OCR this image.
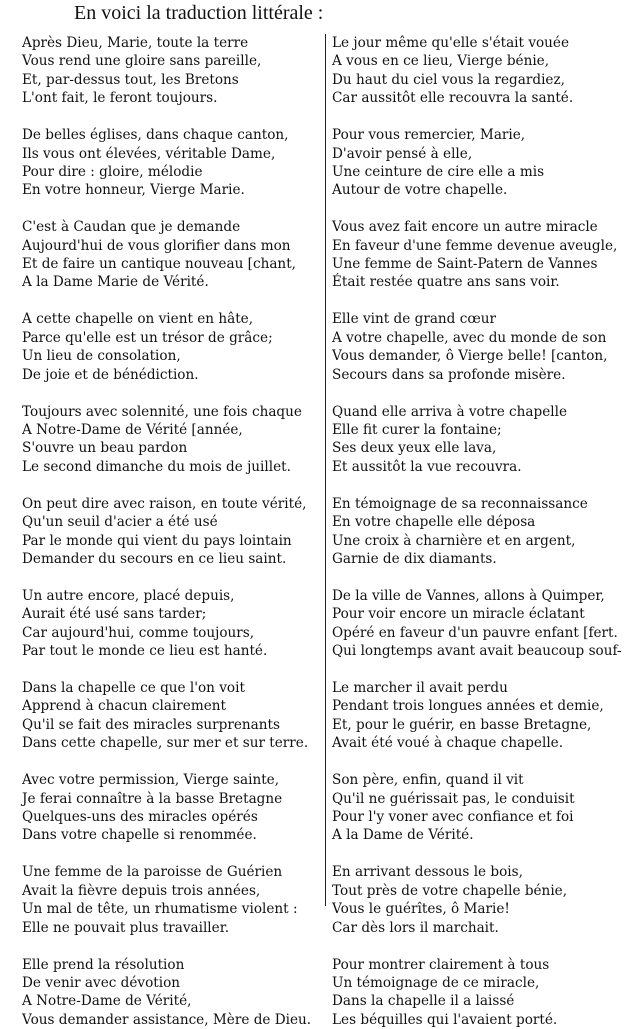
En voici la traduction littérale :
Après Dieu, Marie, toute la terre
Vous rend une gloire sans pareille,
Et, par-dessus tout, les Bretons
L'ont fait, le feront toujours.
De belles églises, dans chaque canton,
Ils vous ont élevées, véritable Dame,
Pour dire : gloire, mélodie
En votre honneur, Vierge Marie.
C'est à Caudan que je demande
Aujourd'hui de vous glorifier dans mon
Et de faire un cantique nouveau [chant,
A la Dame Marie de Vérité.
A cette chapelle on vient en hâte,
Parce qu'elle est un trésor de grâce;
Un lieu de consolation,
De joie et de bénédiction.
Toujours avec solennité, une fois chaque
A Notre-Dame de Vérité [année,
S'ouvre un beau pardon
Le second dimanche du mois de juillet.
On peut dire avec raison, en toute vérité,
Qu'un seuil d'acier a été usé
Par le monde qui vient du pays lointain
Demander du secours en ce lieu saint.
Un autre encore, placé depuis,
Aurait été usé sans tarder;
Car aujourd'hui, comme toujours,
Par tout le monde ce lieu est hanté.
Dans la chapelle ce que l'on voit
Apprend à chacun clairement
Qu'il se fait des miracles surprenants
Dans cette chapelle, sur mer et sur terre.
Avec votre permission, Vierge sainte,
Je ferai connaître à la basse Bretagne
Quelques-uns des miracles opérés
Dans votre chapelle si renommée.
Une femme de la paroisse de Guérien
Avait la fièvre depuis trois années,
Un mal de tête, un rhumatisme violent :
Elle ne pouvait plus travailler.
Elle prend la résolution
De venir avec dévotion
A Notre-Dame de Vérité,
Vous demander assistance, Mère de Dieu.
Le jour même qu'elle s'était vouée
A vous en ce lieu, Vierge bénie,
Du haut du ciel vous la regardiez,
Car aussitôt elle recouvra la santé.
Pour vous remercier, Marie,
D'avoir pensé à elle,
Une ceinture de cire elle a mis
Autour de votre chapelle.
Vous avez fait encore un autre miracle
En faveur d'une femme devenue aveugle,
Une femme de Saint-Patern de Vannes
Était restée quatre ans sans voir.
Elle vint de grand cœur
A votre chapelle, avec du monde de son
Vous demander, ô Vierge belle! [canton,
Secours dans sa profonde misère.
Quand elle arriva à votre chapelle
Elle fit curer la fontaine;
Ses deux yeux elle lava,
Et aussitôt la vue recouvra.
En témoignage de sa reconnaissance
En votre chapelle elle déposa
Une croix à charnière et en argent,
Garnie de dix diamants.
De la ville de Vannes, allons à Quimper,
Pour voir encore un miracle éclatant
Opéré en faveur d'un pauvre enfant [fert.
Qui longtemps avant avait beaucoup souf-
Le marcher il avait perdu
Pendant trois longues années et demie,
Et, pour le guérir, en basse Bretagne,
Avait été voué à chaque chapelle.
Son père, enfin, quand il vit
Qu'il ne guérissait pas, le conduisit
Pour l'y voner avec confiance et foi
A la Dame de Vérité.
En arrivant dessous le bois,
Tout près de votre chapelle bénie,
Vous le guérîtes, ô Marie!
Car dès lors il marchait.
Pour montrer clairement à tous
Un témoignage de ce miracle,
Dans la chapelle il a laissé
Les béquilles qui l'avaient porté.
